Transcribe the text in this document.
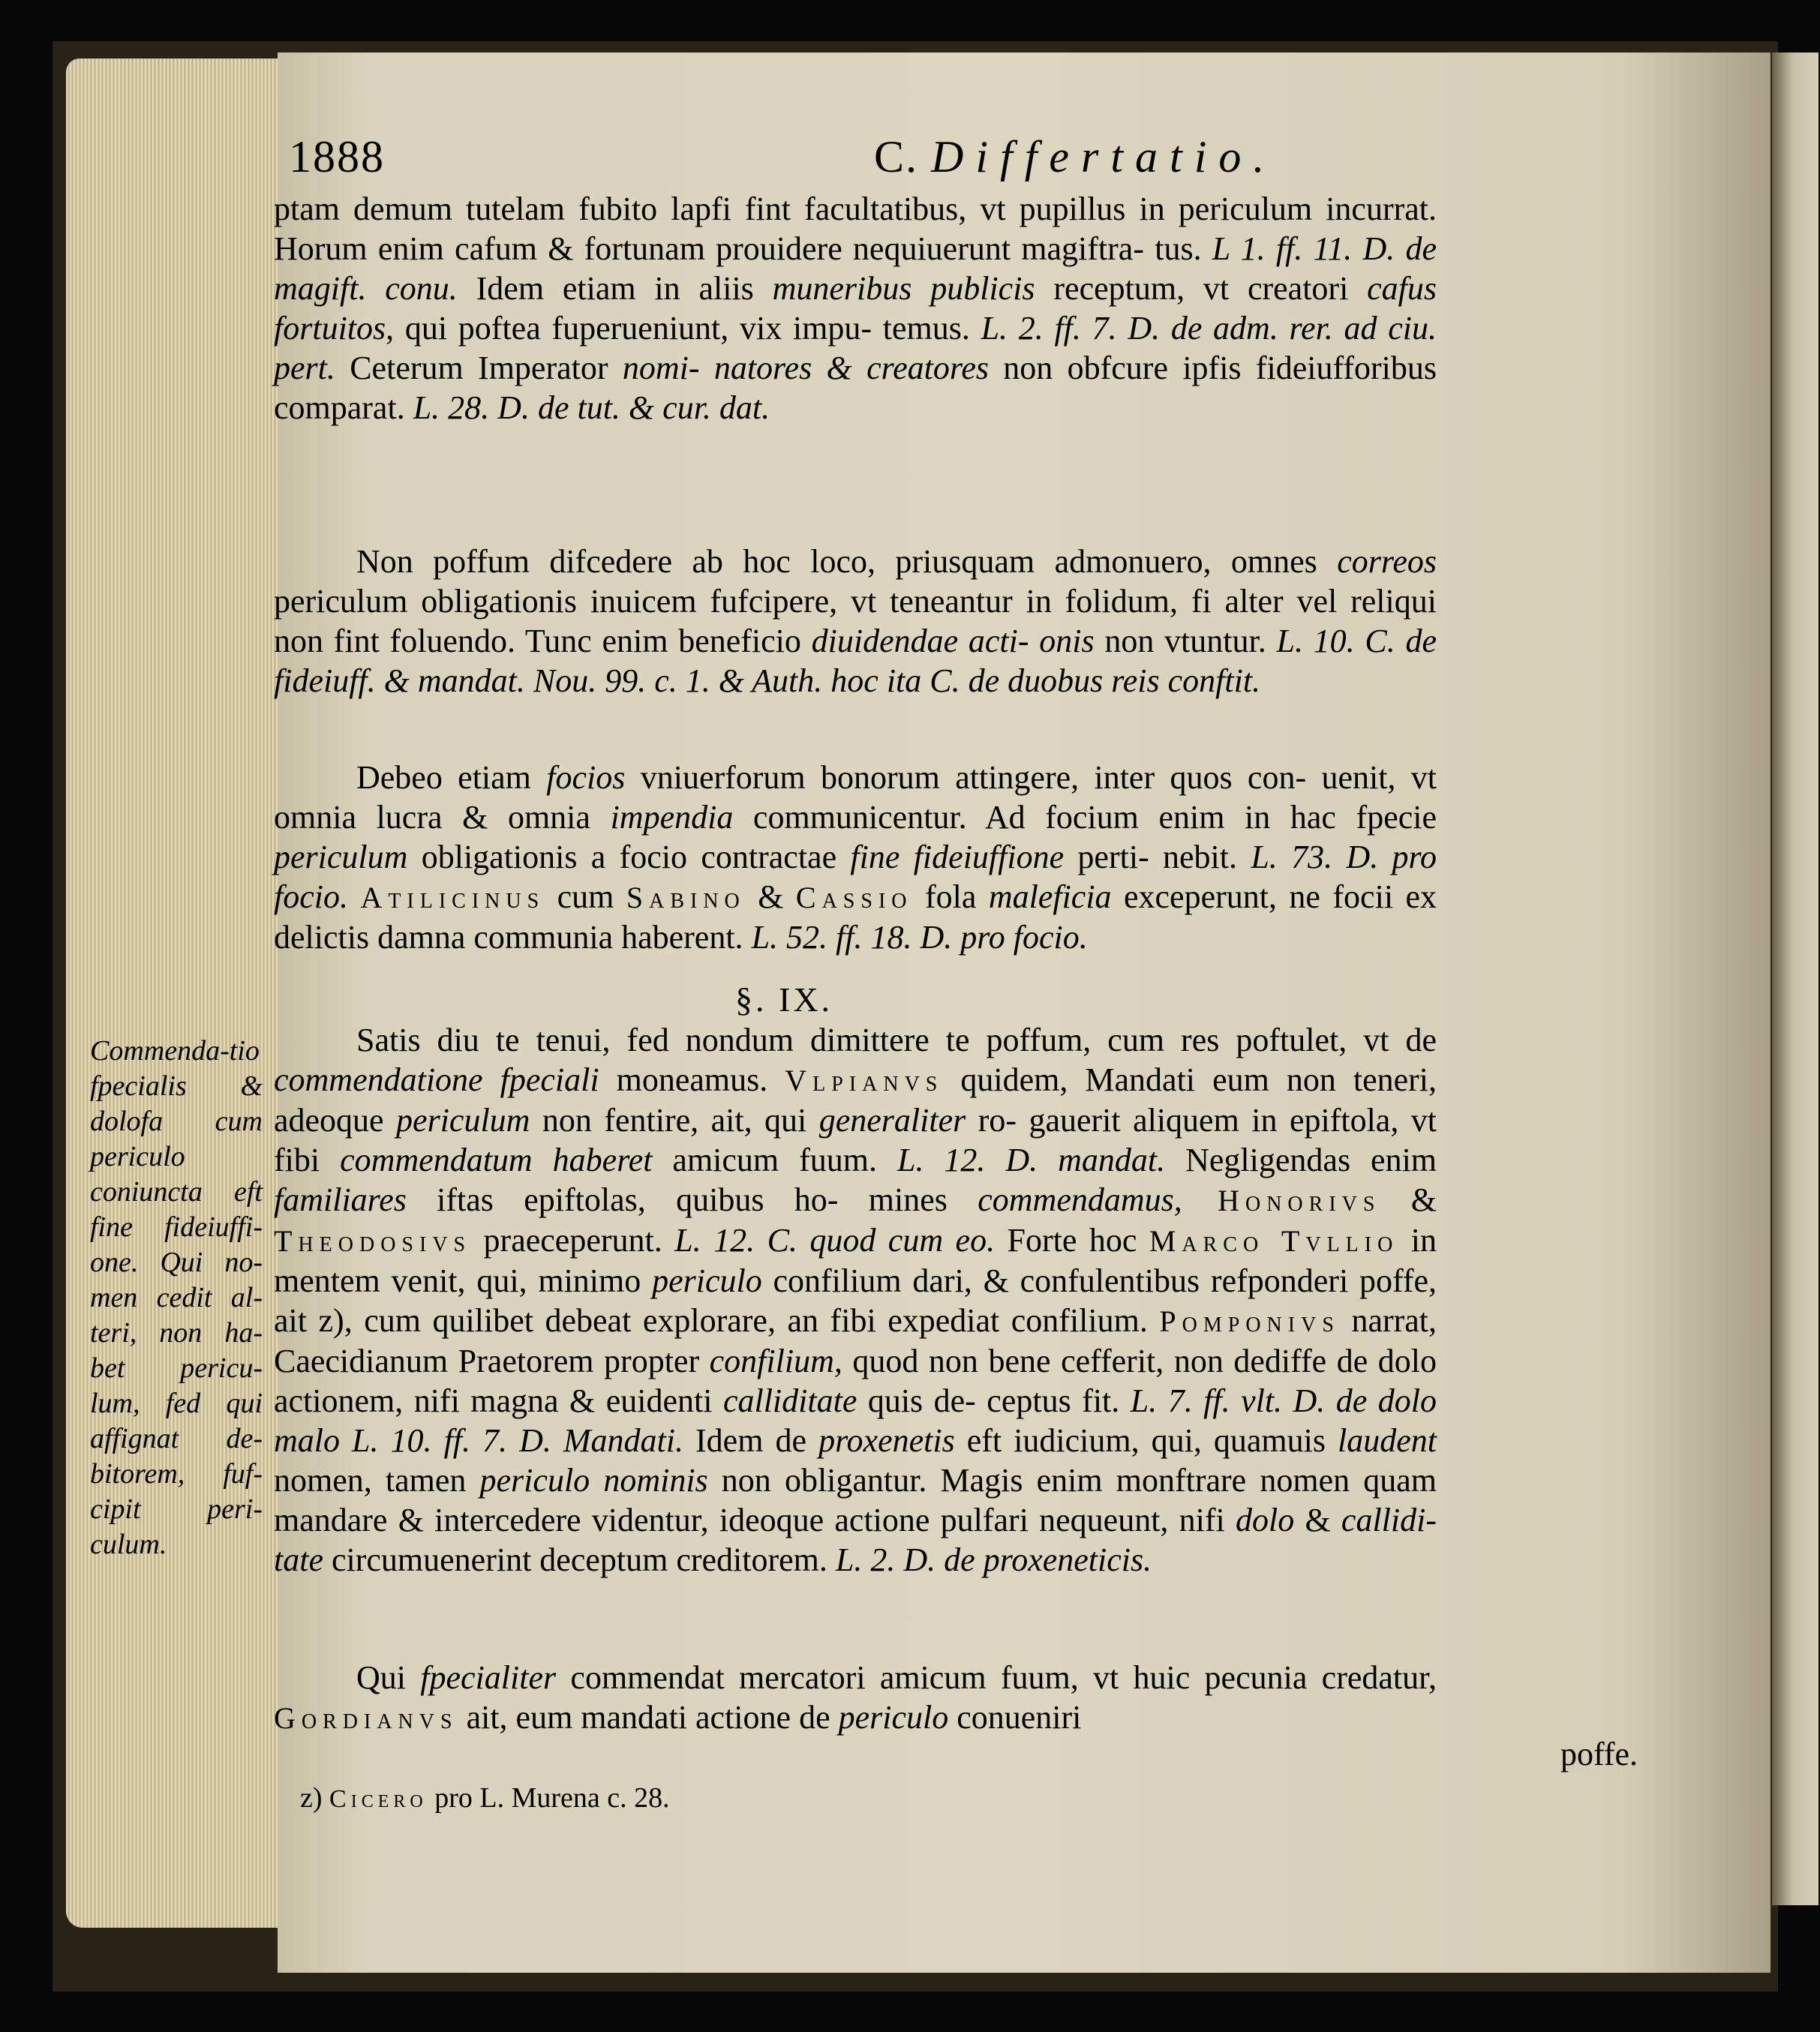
1888	C. Differtatio.

ptam demum tutelam fubito lapfi fint facultatibus, vt pupillus in periculum incurrat. Horum enim cafum & fortunam prouidere nequiuerunt magiftra- tus. L 1. ff. 11. D. de magift. conu. Idem etiam in aliis muneribus publicis receptum, vt creatori cafus fortuitos, qui poftea fuperueniunt, vix impu- temus. L. 2. ff. 7. D. de adm. rer. ad ciu. pert. Ceterum Imperator nomi- natores & creatores non obfcure ipfis fideiufforibus comparat. L. 28. D. de tut. & cur. dat.

Non poffum difcedere ab hoc loco, priusquam admonuero, omnes correos periculum obligationis inuicem fufcipere, vt teneantur in folidum, fi alter vel reliqui non fint foluendo. Tunc enim beneficio diuidendae acti- onis non vtuntur. L. 10. C. de fideiuff. & mandat. Nou. 99. c. 1. & Auth. hoc ita C. de duobus reis conftit.

Debeo etiam focios vniuerforum bonorum attingere, inter quos con- uenit, vt omnia lucra & omnia impendia communicentur. Ad focium enim in hac fpecie periculum obligationis a focio contractae fine fideiuffione perti- nebit. L. 73. D. pro focio. Atilicinus cum Sabino & Cassio fola maleficia exceperunt, ne focii ex delictis damna communia haberent. L. 52. ff. 18. D. pro focio.

§. IX.
Commenda-tio fpecialis & dolofa cum periculo coniuncta eft fine fideiuffi-one. Qui no-men cedit al-teri, non ha-bet pericu-lum, fed qui affignat de-bitorem, fuf-cipit peri-culum.

Satis diu te tenui, fed nondum dimittere te poffum, cum res poftulet, vt de commendatione fpeciali moneamus. Vlpianvs quidem, Mandati eum non teneri, adeoque periculum non fentire, ait, qui generaliter ro- gauerit aliquem in epiftola, vt fibi commendatum haberet amicum fuum. L. 12. D. mandat. Negligendas enim familiares iftas epiftolas, quibus ho- mines commendamus, Honorivs & Theodosivs praeceperunt. L. 12. C. quod cum eo. Forte hoc Marco Tvllio in mentem venit, qui, minimo periculo confilium dari, & confulentibus refponderi poffe, ait z), cum quilibet debeat explorare, an fibi expediat confilium. Pomponivs narrat, Caecidianum Praetorem propter confilium, quod non bene cefferit, non dediffe de dolo actionem, nifi magna & euidenti calliditate quis de- ceptus fit. L. 7. ff. vlt. D. de dolo malo L. 10. ff. 7. D. Mandati. Idem de proxenetis eft iudicium, qui, quamuis laudent nomen, tamen periculo nominis non obligantur. Magis enim monftrare nomen quam mandare & intercedere videntur, ideoque actione pulfari nequeunt, nifi dolo & callidi- tate circumuenerint deceptum creditorem. L. 2. D. de proxeneticis.

Qui fpecialiter commendat mercatori amicum fuum, vt huic pecunia credatur, Gordianvs ait, eum mandati actione de periculo conueniri

poffe.
z) Cicero pro L. Murena c. 28.
